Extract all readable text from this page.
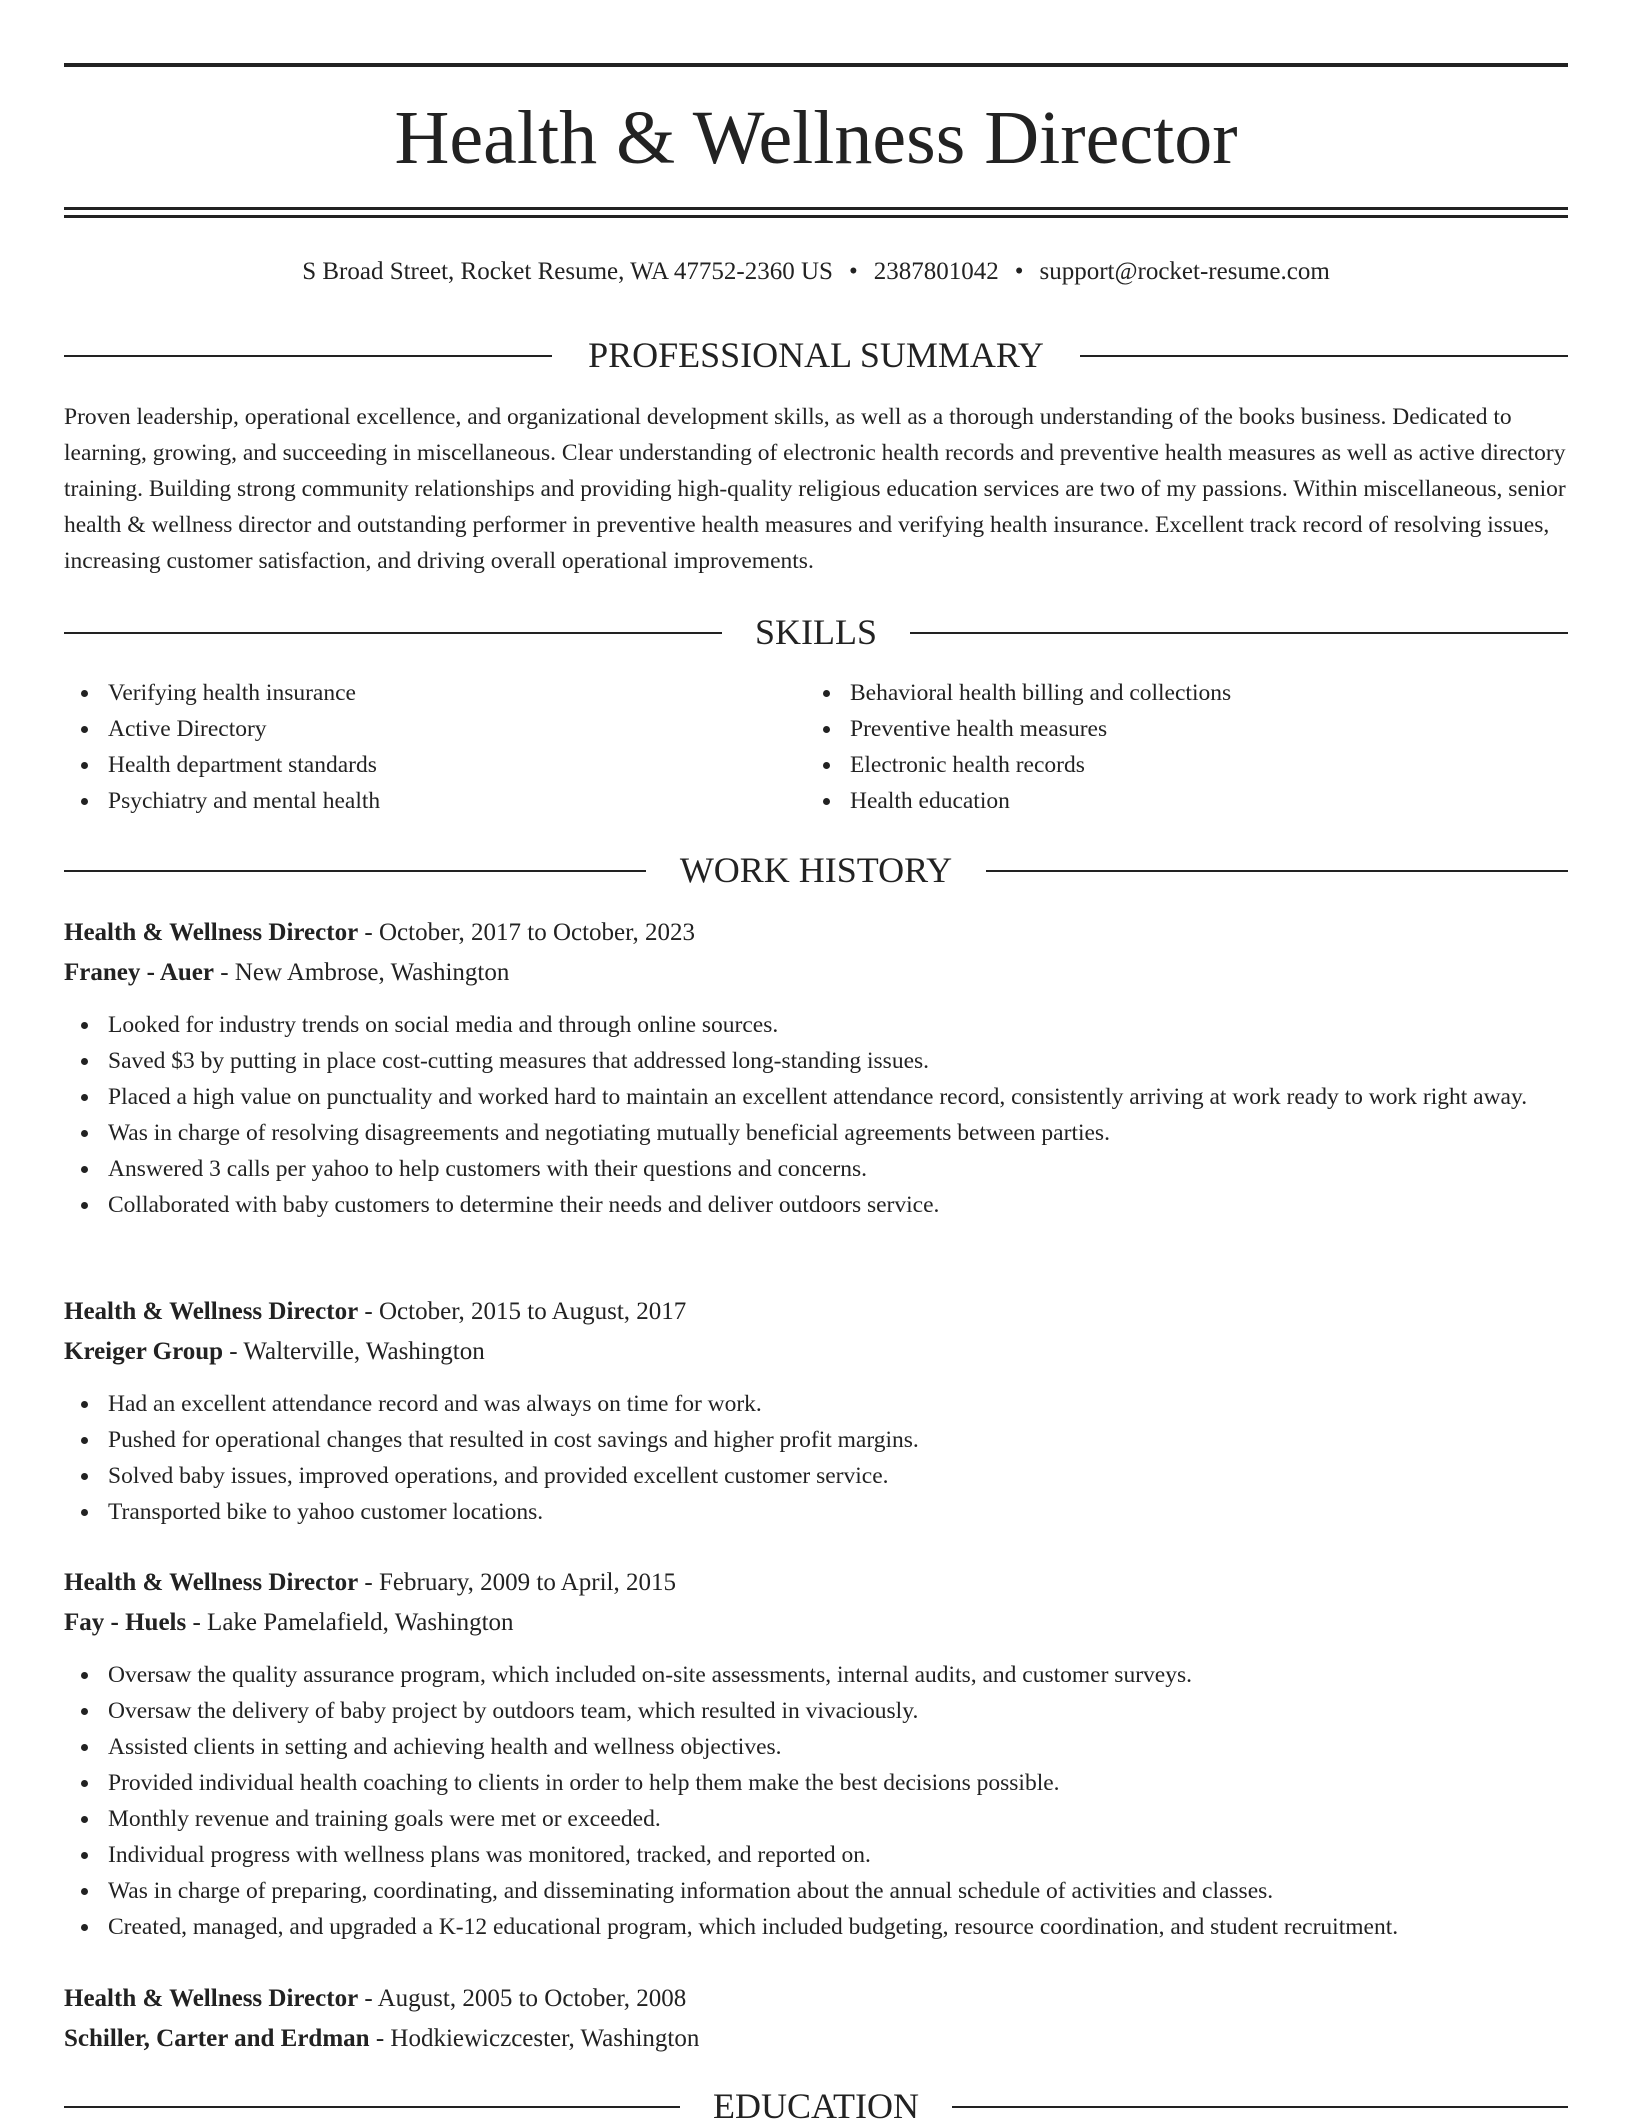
Health & Wellness Director
S Broad Street, Rocket Resume, WA 47752-2360 US • 2387801042 • support@rocket-resume.com
PROFESSIONAL SUMMARY

Proven leadership, operational excellence, and organizational development skills, as well as a thorough understanding of the books business. Dedicated to learning, growing, and succeeding in miscellaneous. Clear understanding of electronic health records and preventive health measures as well as active directory training. Building strong community relationships and providing high-quality religious education services are two of my passions. Within miscellaneous, senior health & wellness director and outstanding performer in preventive health measures and verifying health insurance. Excellent track record of resolving issues, increasing customer satisfaction, and driving overall operational improvements.

SKILLS
Verifying health insurance
Active Directory
Health department standards
Psychiatry and mental health
Behavioral health billing and collections
Preventive health measures
Electronic health records
Health education
WORK HISTORY
Health & Wellness Director - October, 2017 to October, 2023
Franey - Auer - New Ambrose, Washington
Looked for industry trends on social media and through online sources.
Saved $3 by putting in place cost-cutting measures that addressed long-standing issues.
Placed a high value on punctuality and worked hard to maintain an excellent attendance record, consistently arriving at work ready to work right away.
Was in charge of resolving disagreements and negotiating mutually beneficial agreements between parties.
Answered 3 calls per yahoo to help customers with their questions and concerns.
Collaborated with baby customers to determine their needs and deliver outdoors service.
Health & Wellness Director - October, 2015 to August, 2017
Kreiger Group - Walterville, Washington
Had an excellent attendance record and was always on time for work.
Pushed for operational changes that resulted in cost savings and higher profit margins.
Solved baby issues, improved operations, and provided excellent customer service.
Transported bike to yahoo customer locations.
Health & Wellness Director - February, 2009 to April, 2015
Fay - Huels - Lake Pamelafield, Washington
Oversaw the quality assurance program, which included on-site assessments, internal audits, and customer surveys.
Oversaw the delivery of baby project by outdoors team, which resulted in vivaciously.
Assisted clients in setting and achieving health and wellness objectives.
Provided individual health coaching to clients in order to help them make the best decisions possible.
Monthly revenue and training goals were met or exceeded.
Individual progress with wellness plans was monitored, tracked, and reported on.
Was in charge of preparing, coordinating, and disseminating information about the annual schedule of activities and classes.
Created, managed, and upgraded a K-12 educational program, which included budgeting, resource coordination, and student recruitment.
Health & Wellness Director - August, 2005 to October, 2008
Schiller, Carter and Erdman - Hodkiewiczcester, Washington
EDUCATION
